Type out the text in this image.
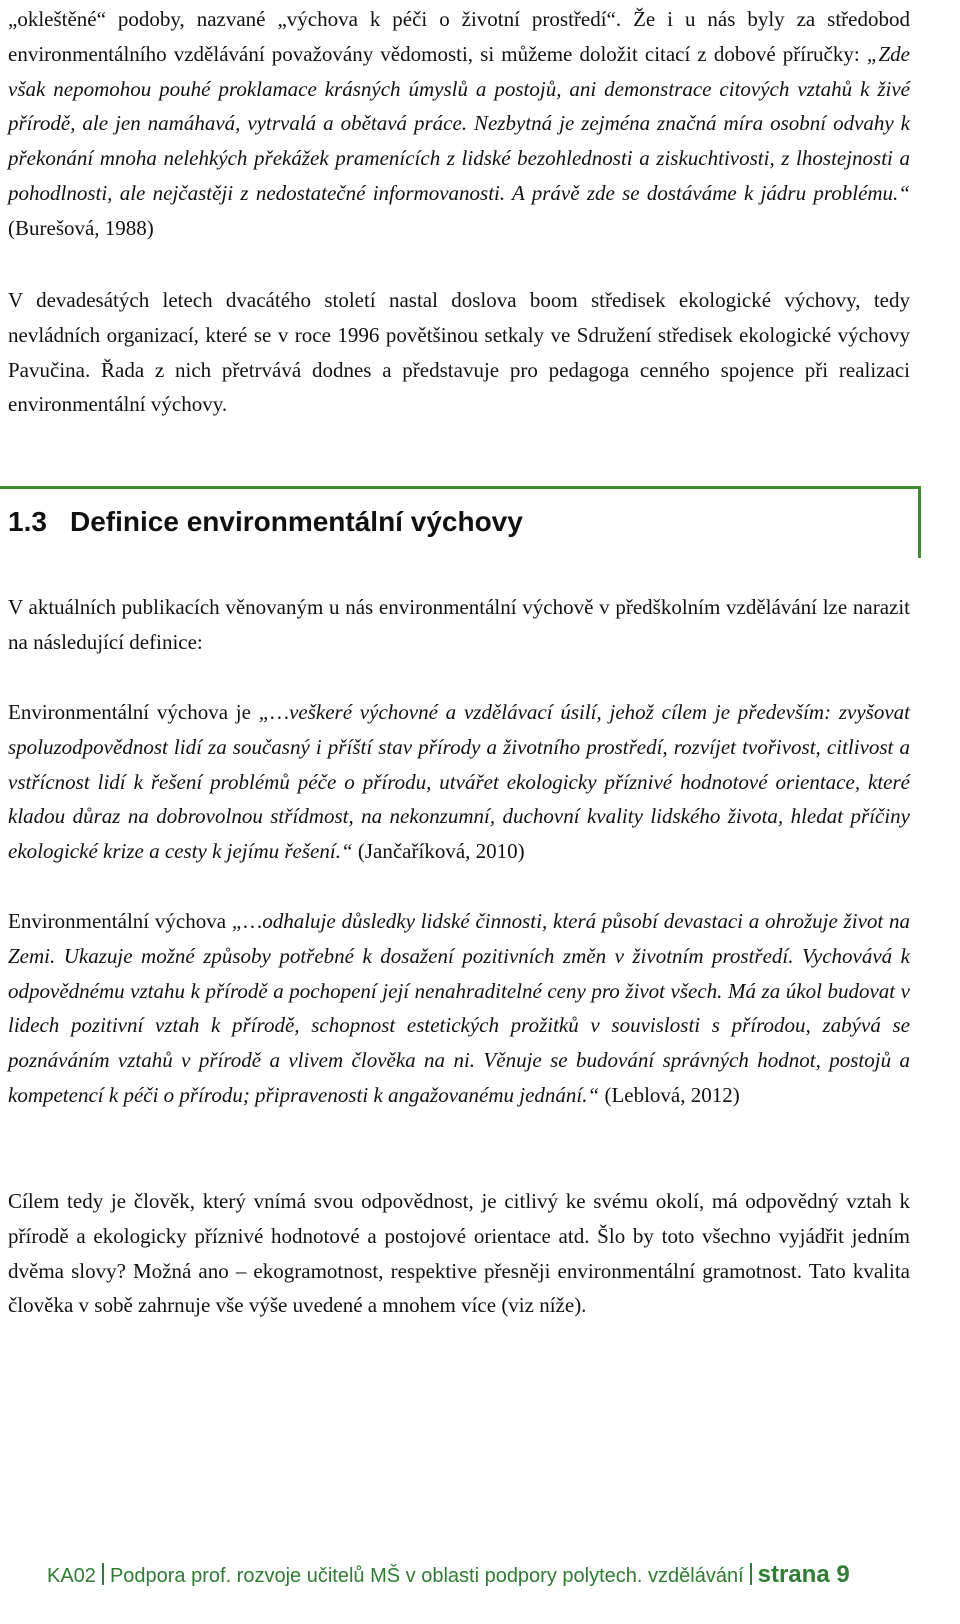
„okleštěné“ podoby, nazvané „výchova k péči o životní prostředí“. Že i u nás byly za středobod environmentálního vzdělávání považovány vědomosti, si můžeme doložit citací z dobové příručky: „Zde však nepomohou pouhé proklamace krásných úmyslů a postojů, ani demonstrace citových vztahů k živé přírodě, ale jen namáhavá, vytrvalá a obětavá práce. Nezbytná je zejména značná míra osobní odvahy k překonání mnoha nelehkých překážek pramenících z lidské bezohlednosti a ziskuchtivosti, z lhostejnosti a pohodlnosti, ale nejčastěji z nedostatečné informovanosti. A právě zde se dostáváme k jádru problému.“ (Burešová, 1988)

V devadesátých letech dvacátého století nastal doslova boom středisek ekologické výchovy, tedy nevládních organizací, které se v roce 1996 povětšinou setkaly ve Sdružení středisek ekologické výchovy Pavučina. Řada z nich přetrvává dodnes a představuje pro pedagoga cenného spojence při realizaci environmentální výchovy.

1.3 Definice environmentální výchovy

V aktuálních publikacích věnovaným u nás environmentální výchově v předškolním vzdělávání lze narazit na následující definice:

Environmentální výchova je „…veškeré výchovné a vzdělávací úsilí, jehož cílem je především: zvyšovat spoluzodpovědnost lidí za současný i příští stav přírody a životního prostředí, rozvíjet tvořivost, citlivost a vstřícnost lidí k řešení problémů péče o přírodu, utvářet ekologicky příznivé hodnotové orientace, které kladou důraz na dobrovolnou střídmost, na nekonzumní, duchovní kvality lidského života, hledat příčiny ekologické krize a cesty k jejímu řešení.“ (Jančaříková, 2010)

Environmentální výchova „…odhaluje důsledky lidské činnosti, která působí devastaci a ohrožuje život na Zemi. Ukazuje možné způsoby potřebné k dosažení pozitivních změn v životním prostředí. Vychovává k odpovědnému vztahu k přírodě a pochopení její nenahraditelné ceny pro život všech. Má za úkol budovat v lidech pozitivní vztah k přírodě, schopnost estetických prožitků v souvislosti s přírodou, zabývá se poznáváním vztahů v přírodě a vlivem člověka na ni. Věnuje se budování správných hodnot, postojů a kompetencí k péči o přírodu; připravenosti k angažovanému jednání.“ (Leblová, 2012)

Cílem tedy je člověk, který vnímá svou odpovědnost, je citlivý ke svému okolí, má odpovědný vztah k přírodě a ekologicky příznivé hodnotové a postojové orientace atd. Šlo by toto všechno vyjádřit jedním dvěma slovy? Možná ano – ekogramotnost, respektive přesněji environmentální gramotnost. Tato kvalita člověka v sobě zahrnuje vše výše uvedené a mnohem více (viz níže).

KA02 Podpora prof. rozvoje učitelů MŠ v oblasti podpory polytech. vzdělávání strana 9
